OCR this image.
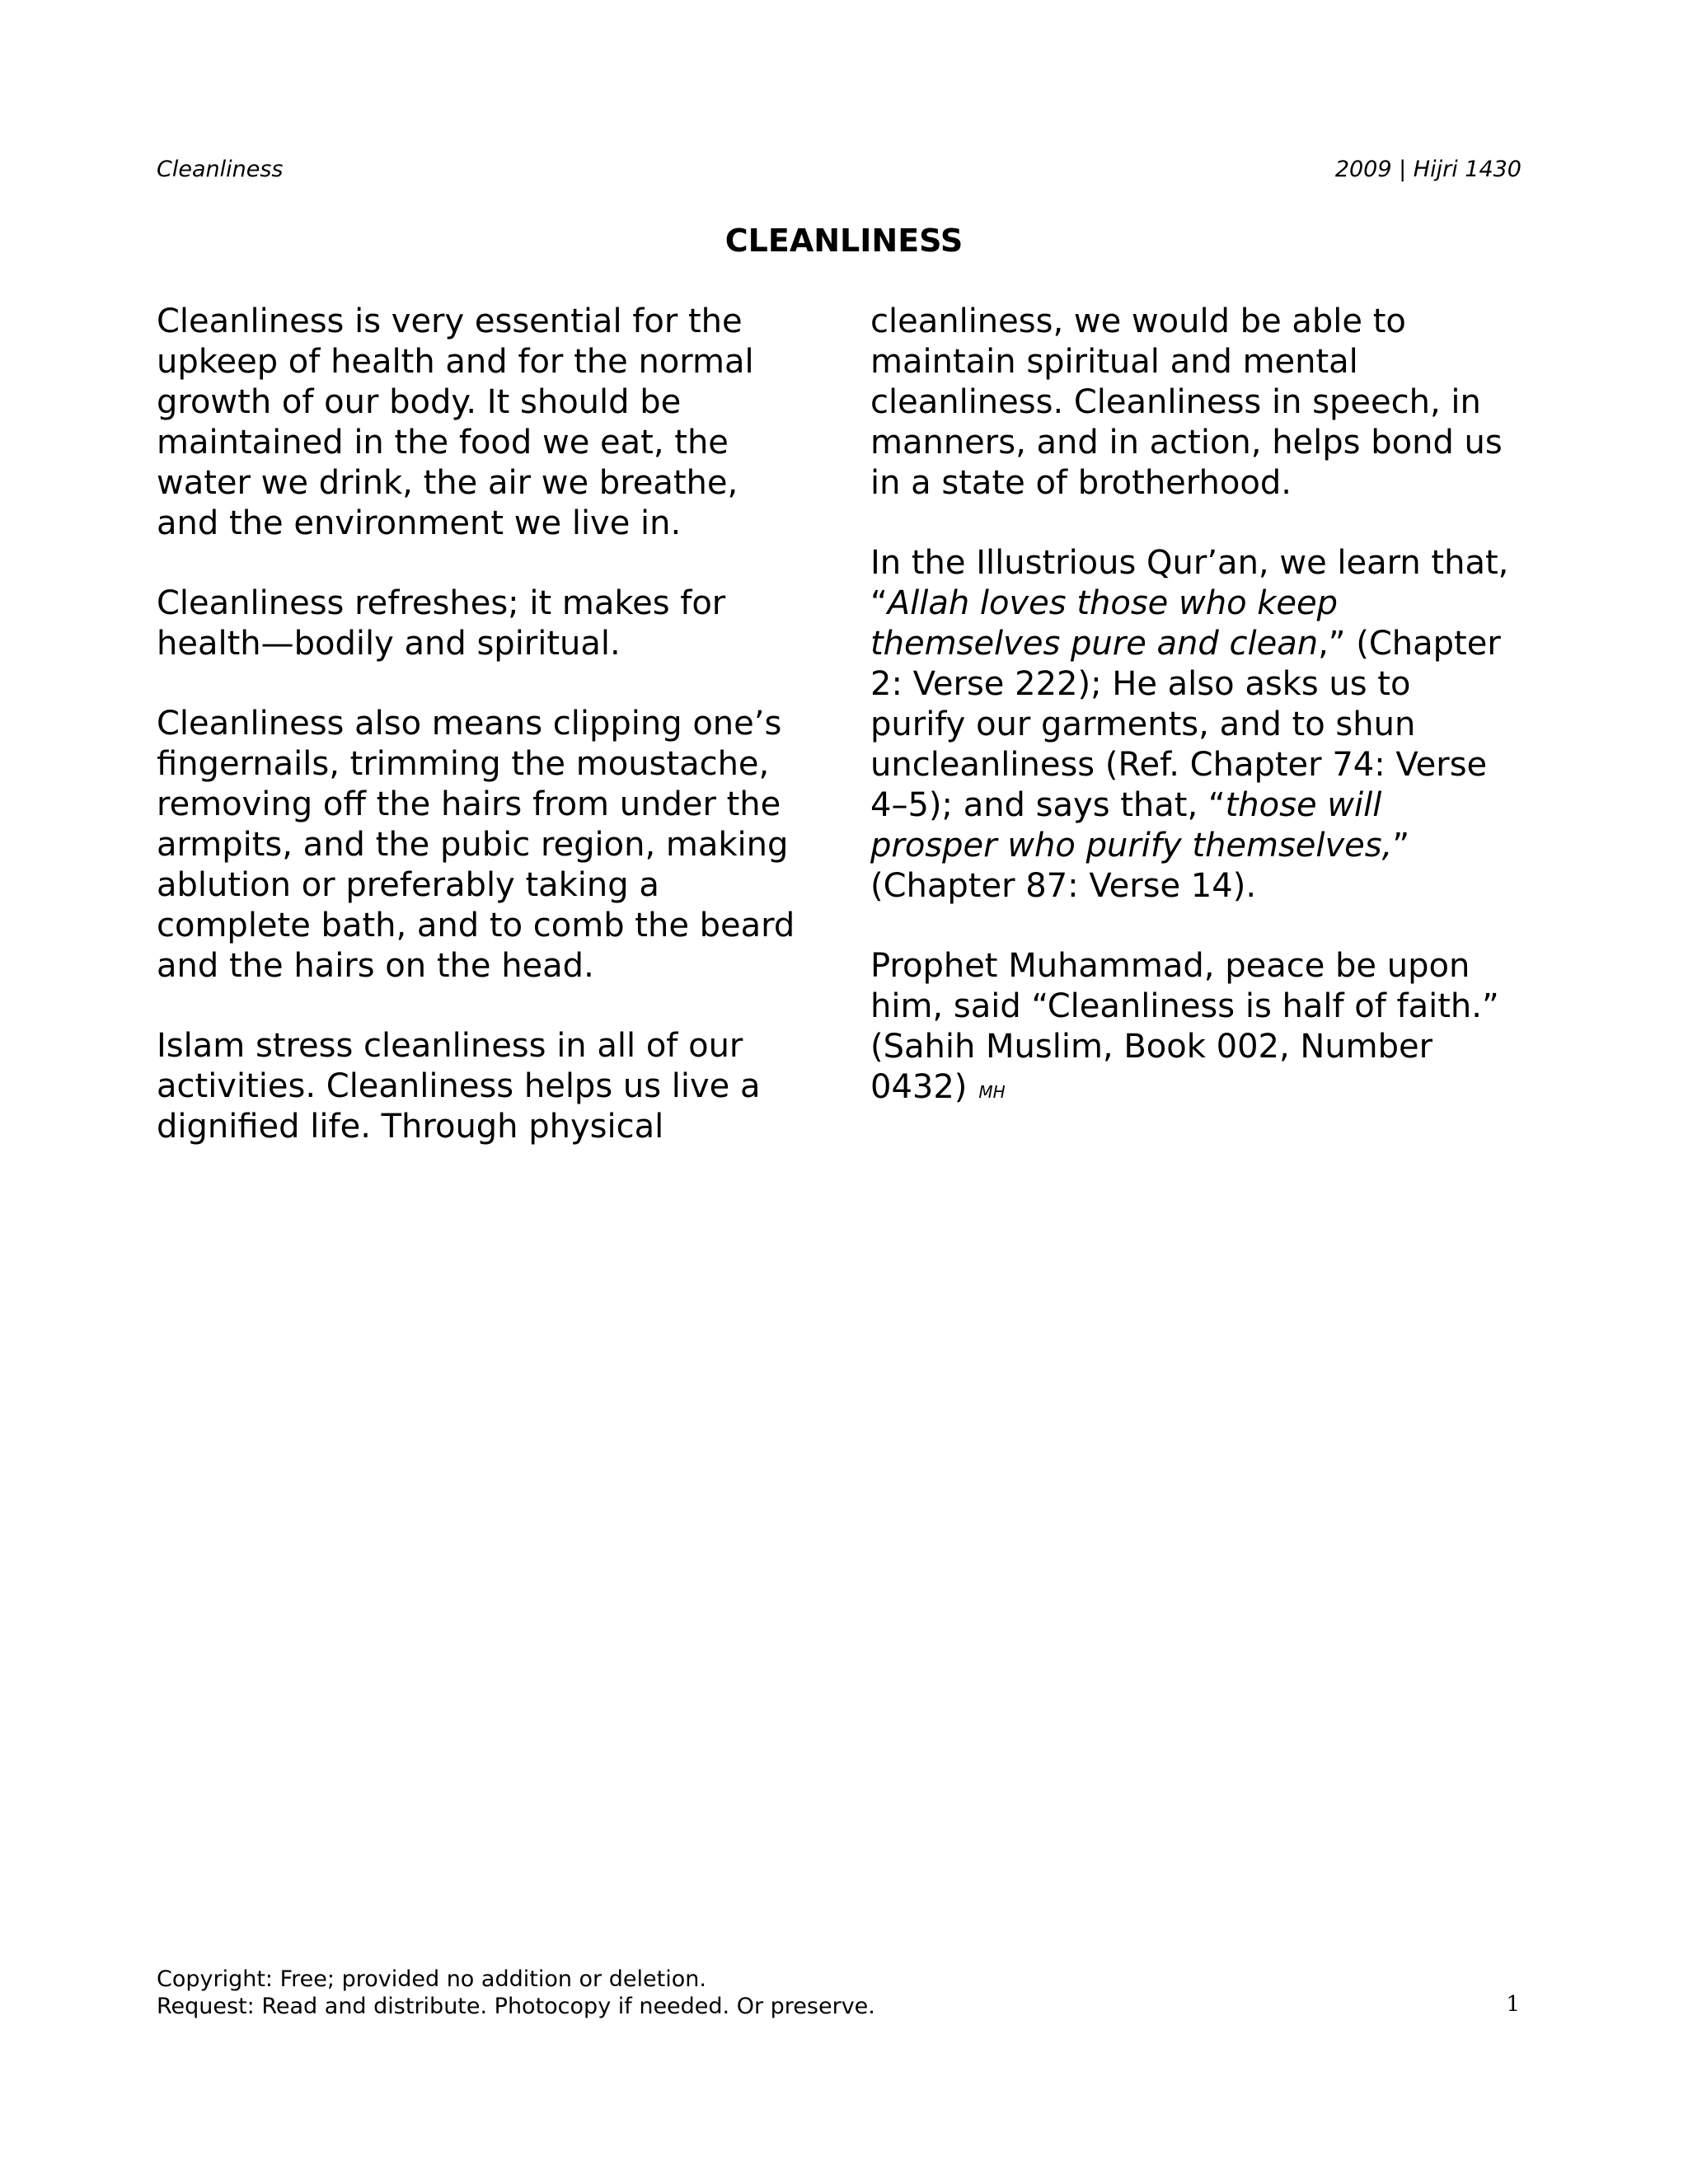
Cleanliness	2009 | Hijri 1430
CLEANLINESS

Cleanliness is very essential for the
upkeep of health and for the normal
growth of our body. It should be
maintained in the food we eat, the
water we drink, the air we breathe,
and the environment we live in.

Cleanliness refreshes; it makes for
health—bodily and spiritual.

Cleanliness also means clipping one’s
fingernails, trimming the moustache,
removing off the hairs from under the
armpits, and the pubic region, making
ablution or preferably taking a
complete bath, and to comb the beard
and the hairs on the head.

Islam stress cleanliness in all of our
activities. Cleanliness helps us live a
dignified life. Through physical

cleanliness, we would be able to
maintain spiritual and mental
cleanliness. Cleanliness in speech, in
manners, and in action, helps bond us
in a state of brotherhood.

In the Illustrious Qur’an, we learn that,
“Allah loves those who keep
themselves pure and clean,” (Chapter
2: Verse 222); He also asks us to
purify our garments, and to shun
uncleanliness (Ref. Chapter 74: Verse
4–5); and says that, “those will
prosper who purify themselves,”
(Chapter 87: Verse 14).

Prophet Muhammad, peace be upon
him, said “Cleanliness is half of faith.”
(Sahih Muslim, Book 002, Number
0432) MH

Copyright: Free; provided no addition or deletion.
Request: Read and distribute. Photocopy if needed. Or preserve.	1
